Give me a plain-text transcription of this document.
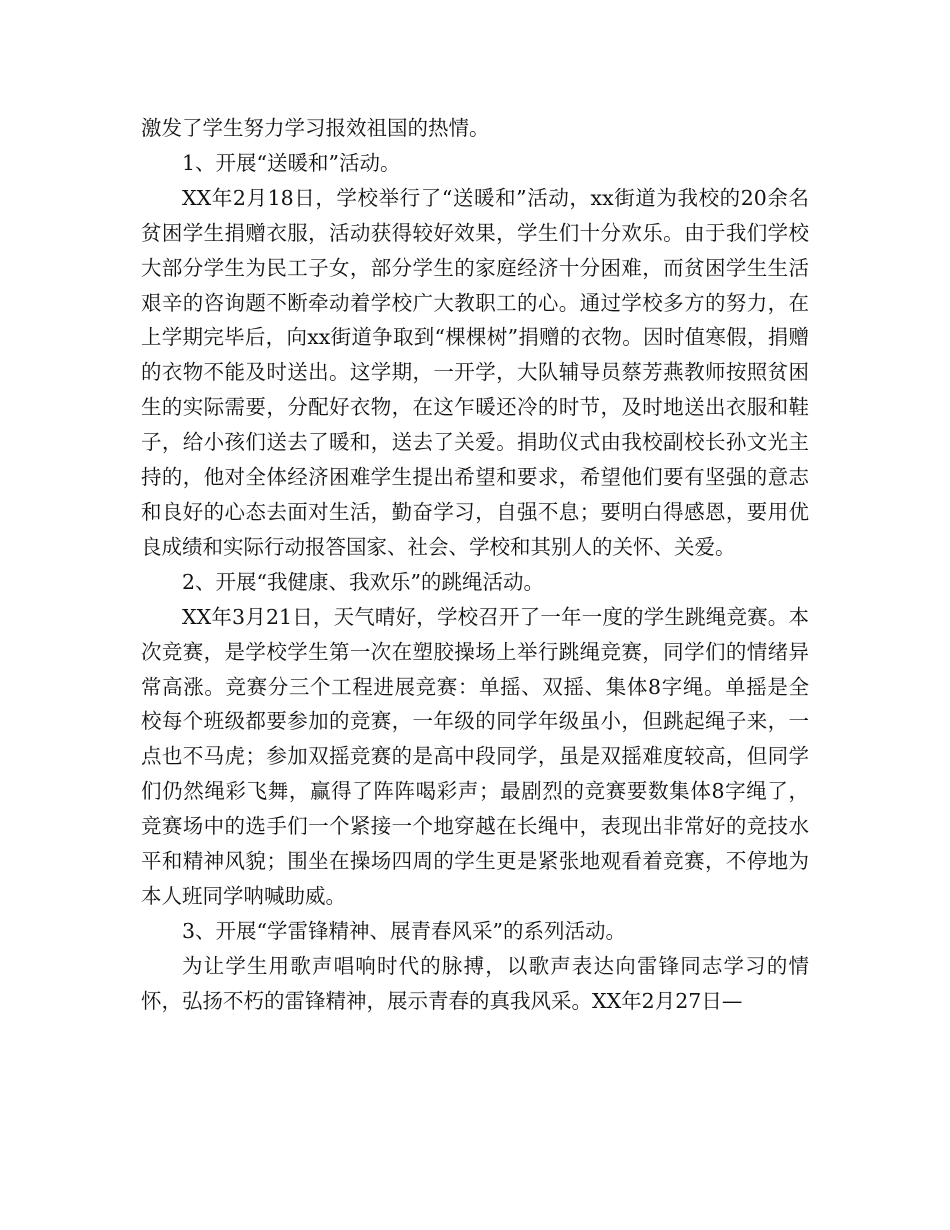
激发了学生努力学习报效祖国的热情。

1、开展“送暖和”活动。

XX年2月18日，学校举行了“送暖和”活动，xx街道为我校的20余名贫困学生捐赠衣服，活动获得较好效果，学生们十分欢乐。由于我们学校大部分学生为民工子女，部分学生的家庭经济十分困难，而贫困学生生活艰辛的咨询题不断牵动着学校广大教职工的心。通过学校多方的努力，在上学期完毕后，向xx街道争取到“棵棵树”捐赠的衣物。因时值寒假，捐赠的衣物不能及时送出。这学期，一开学，大队辅导员蔡芳燕教师按照贫困生的实际需要，分配好衣物，在这乍暖还冷的时节，及时地送出衣服和鞋子，给小孩们送去了暖和，送去了关爱。捐助仪式由我校副校长孙文光主持的，他对全体经济困难学生提出希望和要求，希望他们要有坚强的意志和良好的心态去面对生活，勤奋学习，自强不息；要明白得感恩，要用优良成绩和实际行动报答国家、社会、学校和其别人的关怀、关爱。

2、开展“我健康、我欢乐”的跳绳活动。

XX年3月21日，天气晴好，学校召开了一年一度的学生跳绳竞赛。本次竞赛，是学校学生第一次在塑胶操场上举行跳绳竞赛，同学们的情绪异常高涨。竞赛分三个工程进展竞赛：单摇、双摇、集体8字绳。单摇是全校每个班级都要参加的竞赛，一年级的同学年级虽小，但跳起绳子来，一点也不马虎；参加双摇竞赛的是高中段同学，虽是双摇难度较高，但同学们仍然绳彩飞舞，赢得了阵阵喝彩声；最剧烈的竞赛要数集体8字绳了，竞赛场中的选手们一个紧接一个地穿越在长绳中，表现出非常好的竞技水平和精神风貌；围坐在操场四周的学生更是紧张地观看着竞赛，不停地为本人班同学呐喊助威。

3、开展“学雷锋精神、展青春风采”的系列活动。

为让学生用歌声唱响时代的脉搏，以歌声表达向雷锋同志学习的情怀，弘扬不朽的雷锋精神，展示青春的真我风采。XX年2月27日—
